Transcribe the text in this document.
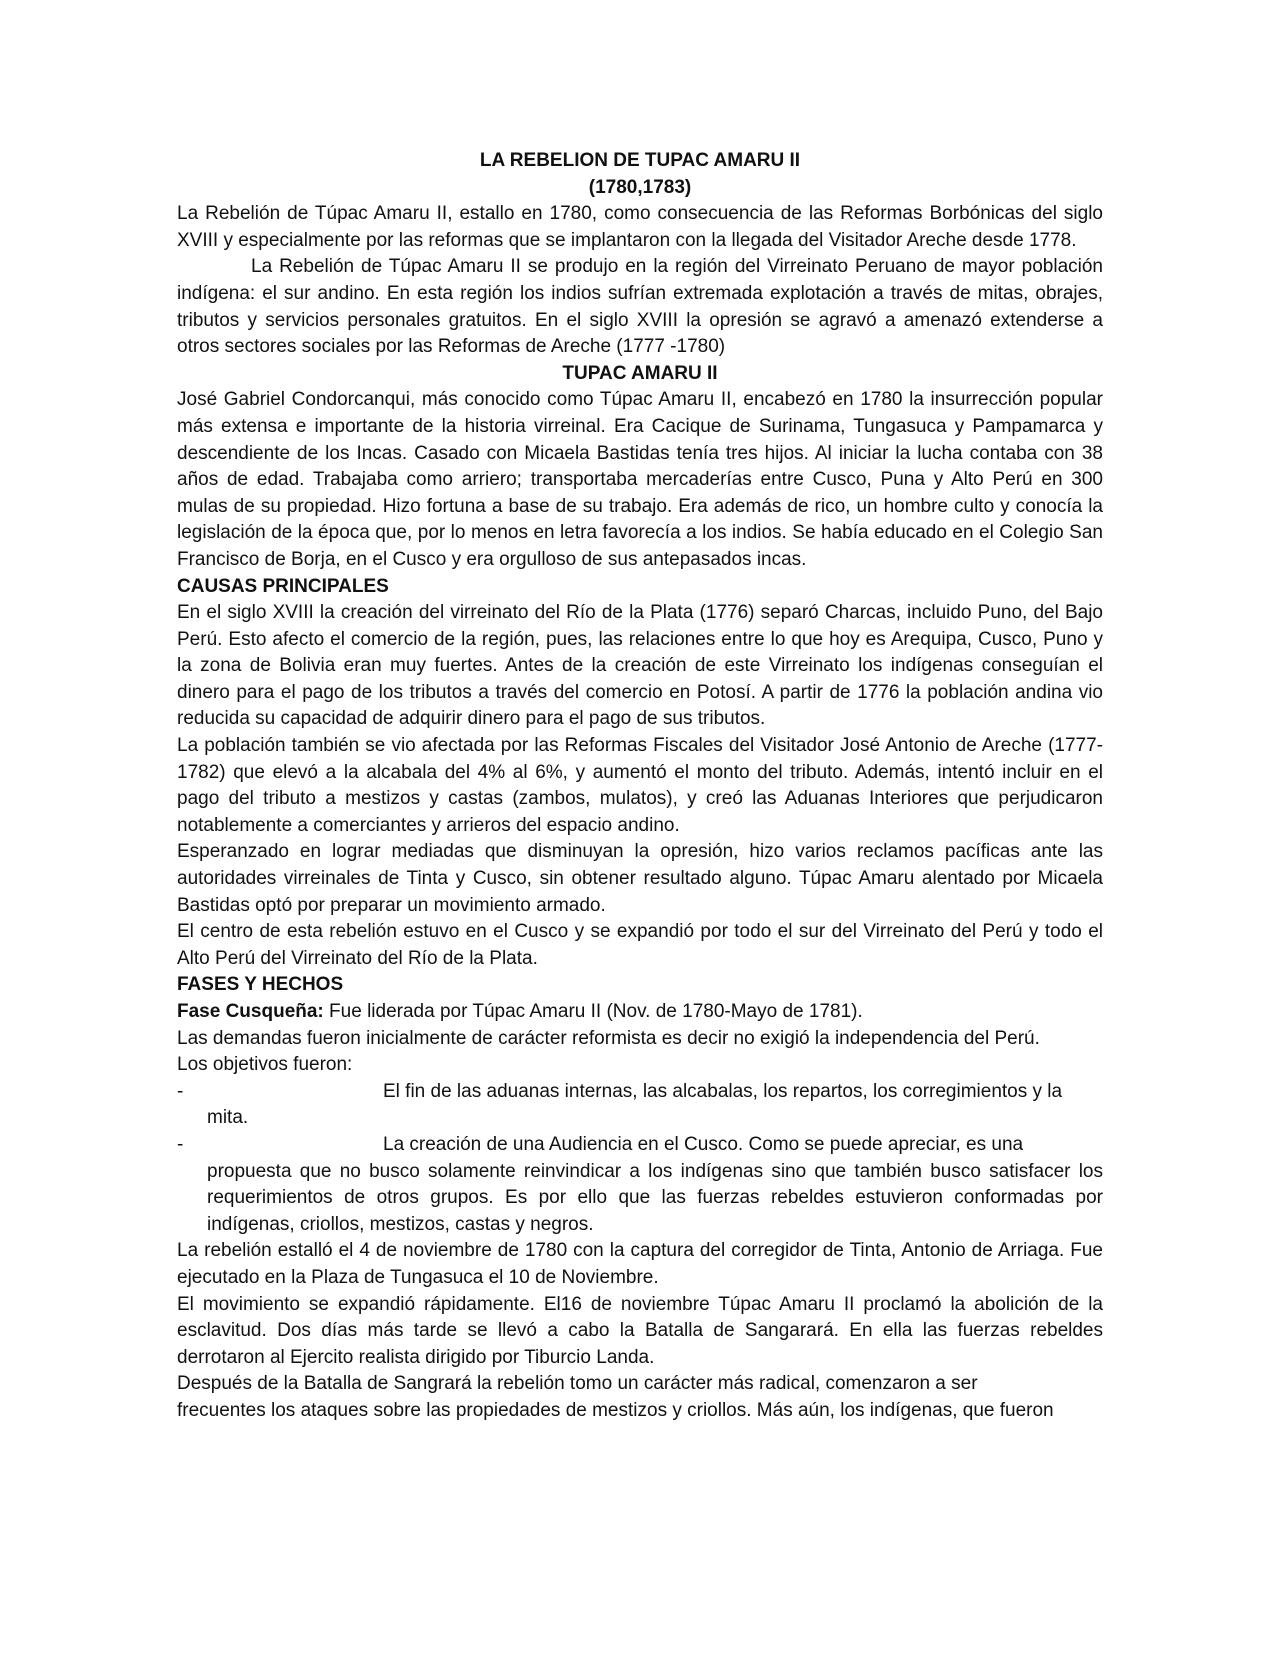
LA REBELION DE TUPAC AMARU II

(1780,1783)

La Rebelión de Túpac Amaru II, estallo en 1780, como consecuencia de las Reformas Borbónicas del siglo XVIII y especialmente por las reformas que se implantaron con la llegada del Visitador Areche desde 1778.

La Rebelión de Túpac Amaru II se produjo en la región del Virreinato Peruano de mayor población indígena: el sur andino. En esta región los indios sufrían extremada explotación a través de mitas, obrajes, tributos y servicios personales gratuitos. En el siglo XVIII la opresión se agravó a amenazó extenderse a otros sectores sociales por las Reformas de Areche (1777 -1780)

TUPAC AMARU II

José Gabriel Condorcanqui, más conocido como Túpac Amaru II, encabezó en 1780 la insurrección popular más extensa e importante de la historia virreinal. Era Cacique de Surinama, Tungasuca y Pampamarca y descendiente de los Incas. Casado con Micaela Bastidas tenía tres hijos. Al iniciar la lucha contaba con 38 años de edad. Trabajaba como arriero; transportaba mercaderías entre Cusco, Puna y Alto Perú en 300 mulas de su propiedad. Hizo fortuna a base de su trabajo. Era además de rico, un hombre culto y conocía la legislación de la época que, por lo menos en letra favorecía a los indios. Se había educado en el Colegio San Francisco de Borja, en el Cusco y era orgulloso de sus antepasados incas.

CAUSAS PRINCIPALES

En el siglo XVIII la creación del virreinato del Río de la Plata (1776) separó Charcas, incluido Puno, del Bajo Perú. Esto afecto el comercio de la región, pues, las relaciones entre lo que hoy es Arequipa, Cusco, Puno y la zona de Bolivia eran muy fuertes. Antes de la creación de este Virreinato los indígenas conseguían el dinero para el pago de los tributos a través del comercio en Potosí. A partir de 1776 la población andina vio reducida su capacidad de adquirir dinero para el pago de sus tributos.

La población también se vio afectada por las Reformas Fiscales del Visitador José Antonio de Areche (1777-1782) que elevó a la alcabala del 4% al 6%, y aumentó el monto del tributo. Además, intentó incluir en el pago del tributo a mestizos y castas (zambos, mulatos), y creó las Aduanas Interiores que perjudicaron notablemente a comerciantes y arrieros del espacio andino.

Esperanzado en lograr mediadas que disminuyan la opresión, hizo varios reclamos pacíficas ante las autoridades virreinales de Tinta y Cusco, sin obtener resultado alguno. Túpac Amaru alentado por Micaela Bastidas optó por preparar un movimiento armado.

El centro de esta rebelión estuvo en el Cusco y se expandió por todo el sur del Virreinato del Perú y todo el Alto Perú del Virreinato del Río de la Plata.

FASES Y HECHOS

Fase Cusqueña: Fue liderada por Túpac Amaru II (Nov. de 1780-Mayo de 1781).

Las demandas fueron inicialmente de carácter reformista es decir no exigió la independencia del Perú.

Los objetivos fueron:

-	El fin de las aduanas internas, las alcabalas, los repartos, los corregimientos y la
mita.
-	La creación de una Audiencia en el Cusco. Como se puede apreciar, es una
propuesta que no busco solamente reinvindicar a los indígenas sino que también busco satisfacer los requerimientos de otros grupos. Es por ello que las fuerzas rebeldes estuvieron conformadas por indígenas, criollos, mestizos, castas y negros.

La rebelión estalló el 4 de noviembre de 1780 con la captura del corregidor de Tinta, Antonio de Arriaga. Fue ejecutado en la Plaza de Tungasuca el 10 de Noviembre.

El movimiento se expandió rápidamente. El16 de noviembre Túpac Amaru II proclamó la abolición de la esclavitud. Dos días más tarde se llevó a cabo la Batalla de Sangarará. En ella las fuerzas rebeldes derrotaron al Ejercito realista dirigido por Tiburcio Landa.

Después de la Batalla de Sangrará la rebelión tomo un carácter más radical, comenzaron a ser

frecuentes los ataques sobre las propiedades de mestizos y criollos. Más aún, los indígenas, que fueron
